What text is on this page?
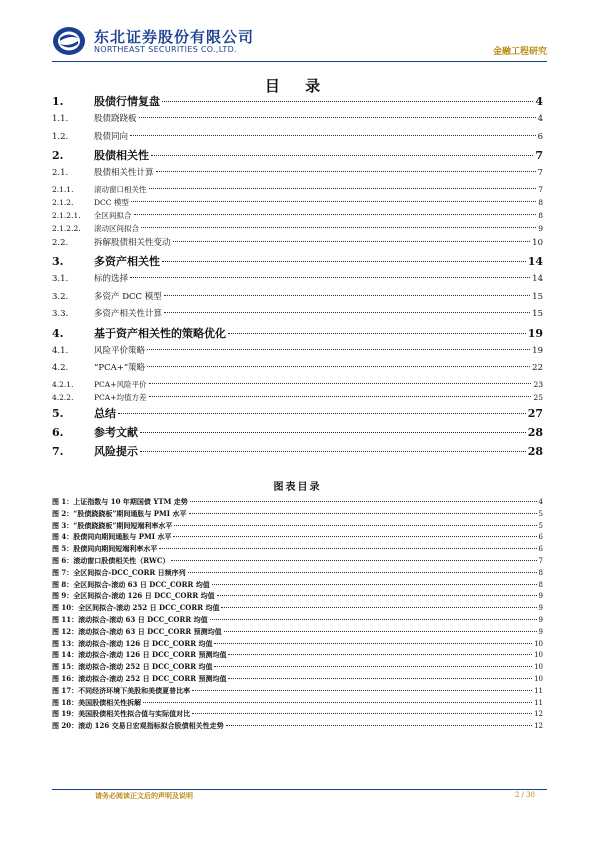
东北证券股份有限公司
NORTHEAST SECURITIES CO.,LTD.	金融工程研究
目 录
1.	股债行情复盘	4
1.1.	股债跷跷板	4
1.2.	股债同向	6
2.	股债相关性	7
2.1.	股债相关性计算	7
2.1.1.	滚动窗口相关性	7
2.1.2.	DCC 模型	8
2.1.2.1.	全区间拟合	8
2.1.2.2.	滚动区间拟合	9
2.2.	拆解股债相关性变动	10
3.	多资产相关性	14
3.1.	标的选择	14
3.2.	多资产 DCC 模型	15
3.3.	多资产相关性计算	15
4.	基于资产相关性的策略优化	19
4.1.	风险平价策略	19
4.2.	“PCA+”策略	22
4.2.1.	PCA+风险平价	23
4.2.2.	PCA+均值方差	25
5.	总结	27
6.	参考文献	28
7.	风险提示	28
图表目录
图 1：上证指数与 10 年期国债 YTM 走势	4
图 2：“股债跷跷板”期间通胀与 PMI 水平	5
图 3：“股债跷跷板”期间短端利率水平	5
图 4：股债同向期间通胀与 PMI 水平	6
图 5：股债同向期间短端利率水平	6
图 6：滚动窗口股债相关性（RWC）	7
图 7：全区间拟合-DCC_CORR 日频序列	8
图 8：全区间拟合-滚动 63 日 DCC_CORR 均值	8
图 9：全区间拟合-滚动 126 日 DCC_CORR 均值	9
图 10：全区间拟合-滚动 252 日 DCC_CORR 均值	9
图 11：滚动拟合-滚动 63 日 DCC_CORR 均值	9
图 12：滚动拟合-滚动 63 日 DCC_CORR 预测均值	9
图 13：滚动拟合-滚动 126 日 DCC_CORR 均值	10
图 14：滚动拟合-滚动 126 日 DCC_CORR 预测均值	10
图 15：滚动拟合-滚动 252 日 DCC_CORR 均值	10
图 16：滚动拟合-滚动 252 日 DCC_CORR 预测均值	10
图 17：不同经济环境下美股和美债夏普比率	11
图 18：美国股债相关性拆解	11
图 19：美国股债相关性拟合值与实际值对比	12
图 20：滚动 126 交易日宏观指标拟合股债相关性走势	12
请务必阅读正文后的声明及说明	2 / 30
